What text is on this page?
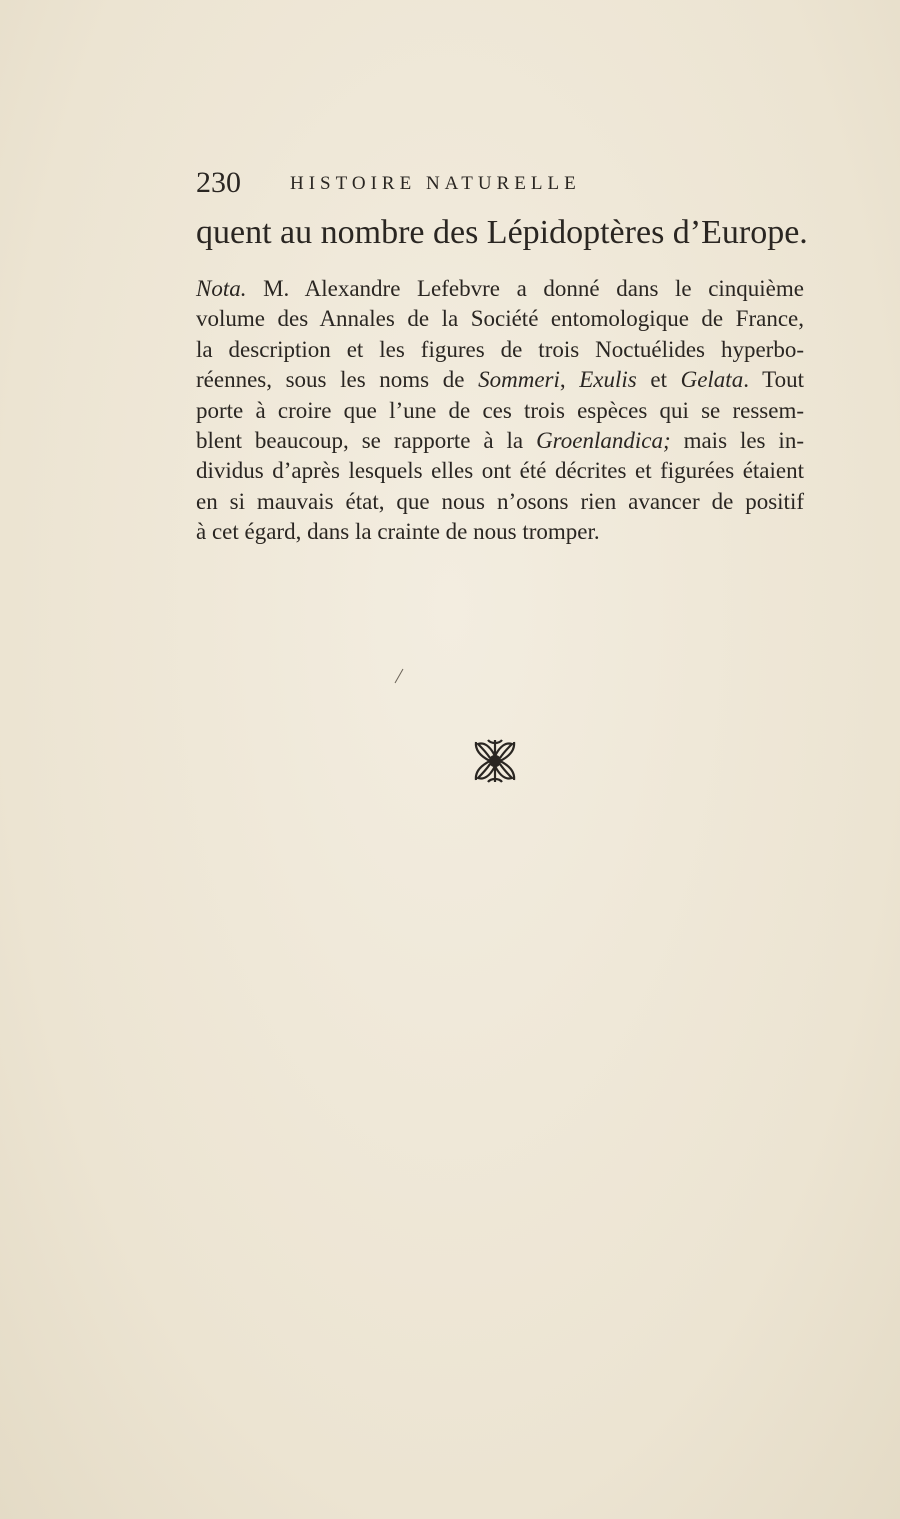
230	HISTOIRE NATURELLE
quent au nombre des Lépidoptères d’Europe.
Nota. M. Alexandre Lefebvre a donné dans le cinquième
volume des Annales de la Société entomologique de France,
la description et les figures de trois Noctuélides hyperbo-
réennes, sous les noms de Sommeri, Exulis et Gelata. Tout
porte à croire que l’une de ces trois espèces qui se ressem-
blent beaucoup, se rapporte à la Groenlandica; mais les in-
dividus d’après lesquels elles ont été décrites et figurées étaient
en si mauvais état, que nous n’osons rien avancer de positif
à cet égard, dans la crainte de nous tromper.
